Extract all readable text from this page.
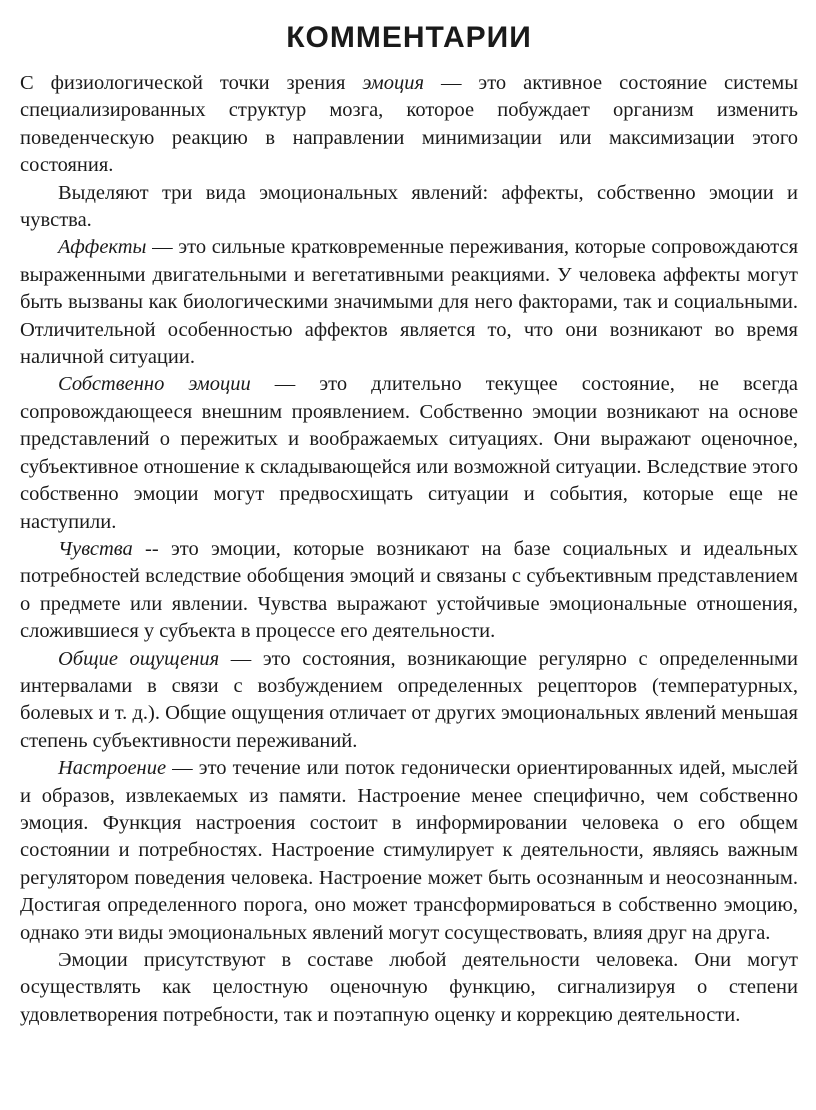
КОММЕНТАРИИ

С физиологической точки зрения эмоция — это активное состояние системы специализированных структур мозга, которое побуждает организм изменить поведенческую реакцию в направлении минимизации или максимизации этого состояния.

Выделяют три вида эмоциональных явлений: аффекты, собственно эмоции и чувства.

Аффекты — это сильные кратковременные переживания, которые сопровождаются выраженными двигательными и вегетативными реакциями. У человека аффекты могут быть вызваны как биологическими значимыми для него факторами, так и социальными. Отличительной особенностью аффектов является то, что они возникают во время наличной ситуации.

Собственно эмоции — это длительно текущее состояние, не всегда сопровождающееся внешним проявлением. Собственно эмоции возникают на основе представлений о пережитых и воображаемых ситуациях. Они выражают оценочное, субъективное отношение к складывающейся или возможной ситуации. Вследствие этого собственно эмоции могут предвосхищать ситуации и события, которые еще не наступили.

Чувства -- это эмоции, которые возникают на базе социальных и идеальных потребностей вследствие обобщения эмоций и связаны с субъективным представлением о предмете или явлении. Чувства выражают устойчивые эмоциональные отношения, сложившиеся у субъекта в процессе его деятельности.

Общие ощущения — это состояния, возникающие регулярно с определенными интервалами в связи с возбуждением определенных рецепторов (температурных, болевых и т. д.). Общие ощущения отличает от других эмоциональных явлений меньшая степень субъективности переживаний.

Настроение — это течение или поток гедонически ориентированных идей, мыслей и образов, извлекаемых из памяти. Настроение менее специфично, чем собственно эмоция. Функция настроения состоит в информировании человека о его общем состоянии и потребностях. Настроение стимулирует к деятельности, являясь важным регулятором поведения человека. Настроение может быть осознанным и неосознанным. Достигая определенного порога, оно может трансформироваться в собственно эмоцию, однако эти виды эмоциональных явлений могут сосуществовать, влияя друг на друга.

Эмоции присутствуют в составе любой деятельности человека. Они могут осуществлять как целостную оценочную функцию, сигнализируя о степени удовлетворения потребности, так и поэтапную оценку и коррекцию деятельности.
